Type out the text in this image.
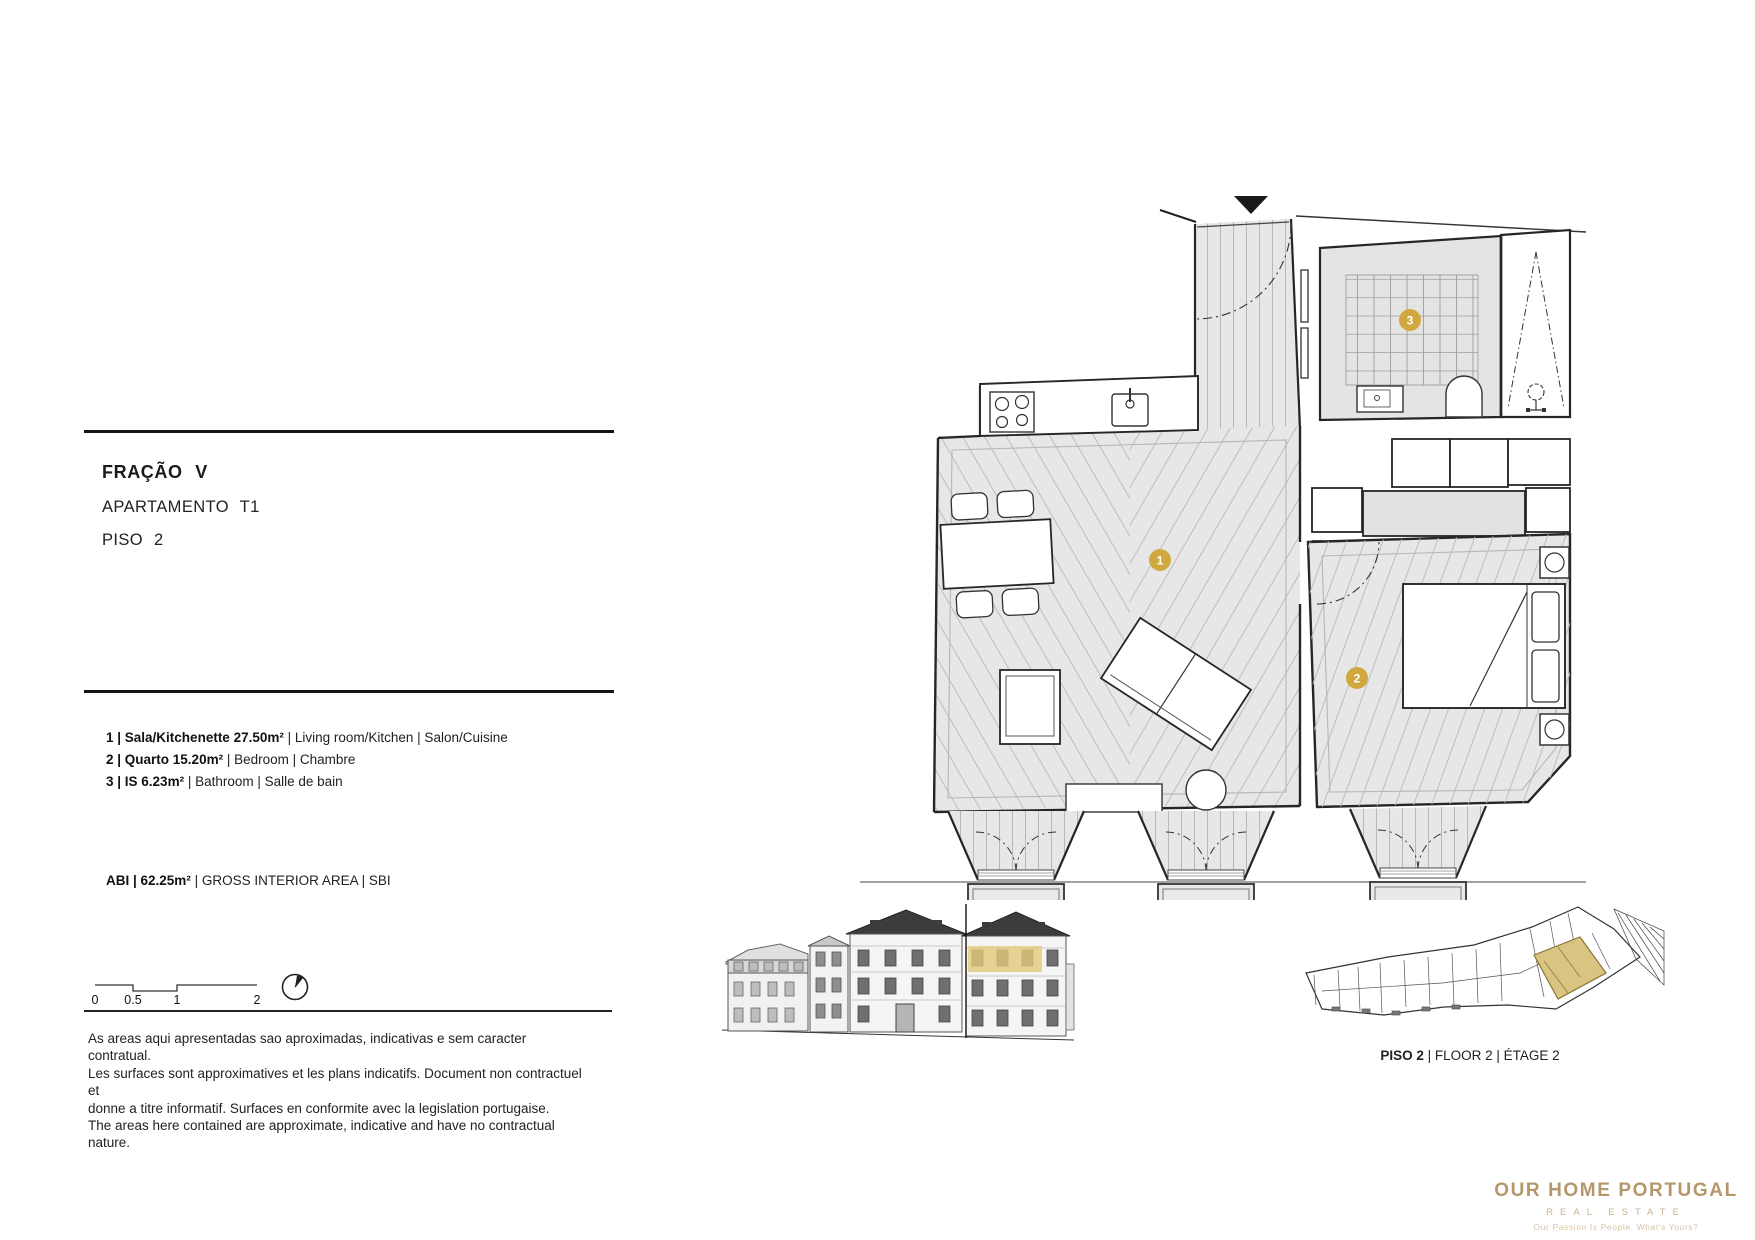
FRAÇÃO V
APARTAMENTO T1
PISO 2
1 | Sala/Kitchenette 27.50m² | Living room/Kitchen | Salon/Cuisine
2 | Quarto 15.20m² | Bedroom | Chambre
3 | IS 6.23m² | Bathroom | Salle de bain
ABI | 62.25m² | GROSS INTERIOR AREA | SBI
0 0.5	1	2
As areas aqui apresentadas sao aproximadas, indicativas e sem caracter contratual.
Les surfaces sont approximatives et les plans indicatifs. Document non contractuel et
donne a titre informatif. Surfaces en conformite avec la legislation portugaise.
The areas here contained are approximate, indicative and have no contractual nature.
1
2
3
PISO 2 | FLOOR 2 | ÉTAGE 2
OUR HOME PORTUGAL
REAL ESTATE
Our Passion Is People. What's Yours?
